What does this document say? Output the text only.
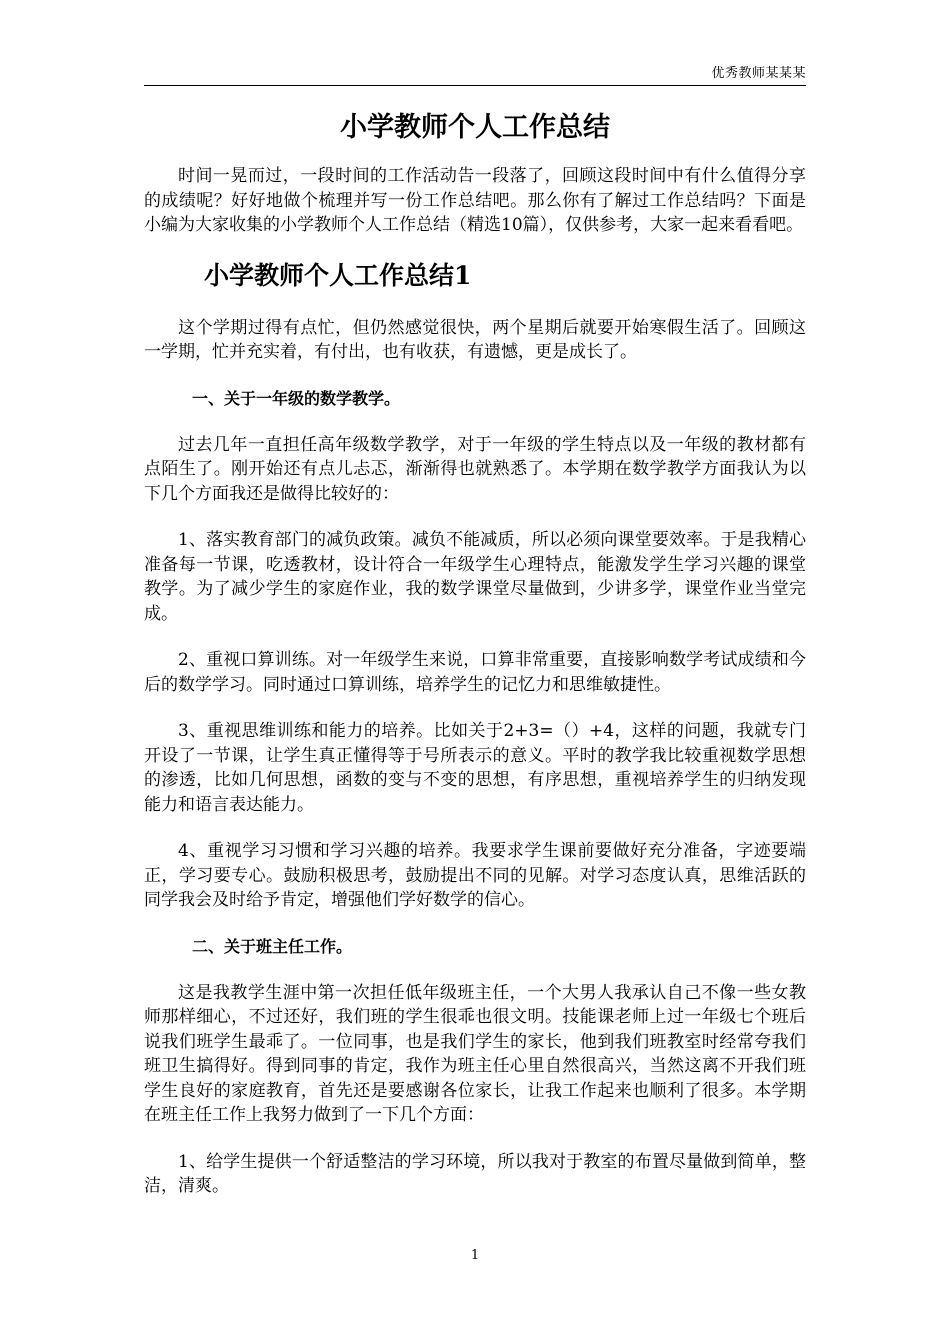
优秀教师某某某
小学教师个人工作总结

时间一晃而过，一段时间的工作活动告一段落了，回顾这段时间中有什么值得分享的成绩呢？好好地做个梳理并写一份工作总结吧。那么你有了解过工作总结吗？下面是小编为大家收集的小学教师个人工作总结（精选10篇），仅供参考，大家一起来看看吧。

小学教师个人工作总结1

这个学期过得有点忙，但仍然感觉很快，两个星期后就要开始寒假生活了。回顾这一学期，忙并充实着，有付出，也有收获，有遗憾，更是成长了。

一、关于一年级的数学教学。

过去几年一直担任高年级数学教学，对于一年级的学生特点以及一年级的教材都有点陌生了。刚开始还有点儿忐忑，渐渐得也就熟悉了。本学期在数学教学方面我认为以下几个方面我还是做得比较好的：

1、落实教育部门的减负政策。减负不能减质，所以必须向课堂要效率。于是我精心准备每一节课，吃透教材，设计符合一年级学生心理特点，能激发学生学习兴趣的课堂教学。为了减少学生的家庭作业，我的数学课堂尽量做到，少讲多学，课堂作业当堂完成。

2、重视口算训练。对一年级学生来说，口算非常重要，直接影响数学考试成绩和今后的数学学习。同时通过口算训练，培养学生的记忆力和思维敏捷性。

3、重视思维训练和能力的培养。比如关于2+3=（）+4，这样的问题，我就专门开设了一节课，让学生真正懂得等于号所表示的意义。平时的教学我比较重视数学思想的渗透，比如几何思想，函数的变与不变的思想，有序思想，重视培养学生的归纳发现能力和语言表达能力。

4、重视学习习惯和学习兴趣的培养。我要求学生课前要做好充分准备，字迹要端正，学习要专心。鼓励积极思考，鼓励提出不同的见解。对学习态度认真，思维活跃的同学我会及时给予肯定，增强他们学好数学的信心。

二、关于班主任工作。

这是我教学生涯中第一次担任低年级班主任，一个大男人我承认自己不像一些女教师那样细心，不过还好，我们班的学生很乖也很文明。技能课老师上过一年级七个班后说我们班学生最乖了。一位同事，也是我们学生的家长，他到我们班教室时经常夸我们班卫生搞得好。得到同事的肯定，我作为班主任心里自然很高兴，当然这离不开我们班学生良好的家庭教育，首先还是要感谢各位家长，让我工作起来也顺利了很多。本学期在班主任工作上我努力做到了一下几个方面：

1、给学生提供一个舒适整洁的学习环境，所以我对于教室的布置尽量做到简单，整洁，清爽。

1
